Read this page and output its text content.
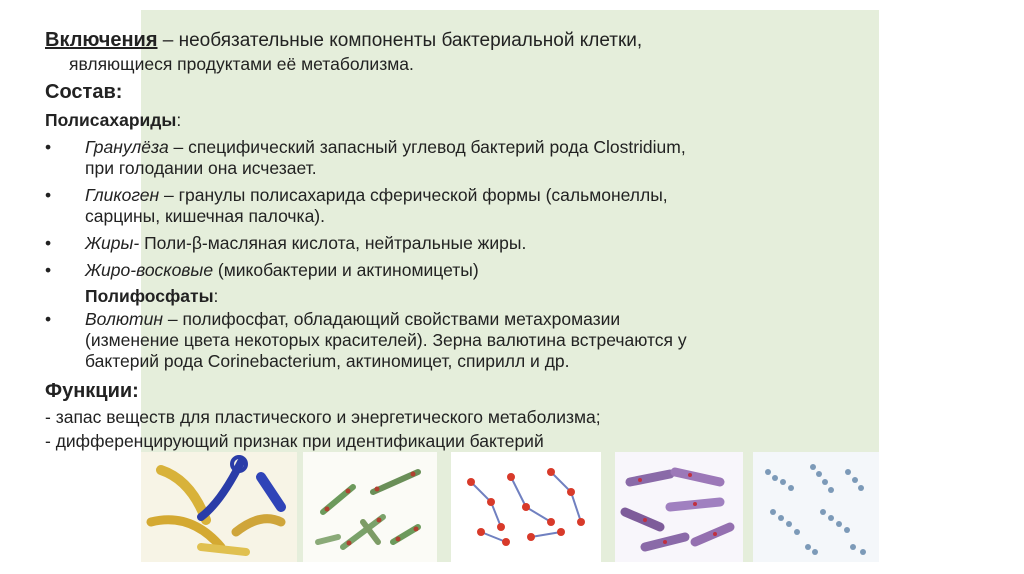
Включения – необязательные компоненты бактериальной клетки,
являющиеся продуктами её метаболизма.
Состав:
Полисахариды:
• Гранулёза – специфический запасный углевод бактерий рода Clostridium,
при голодании она исчезает.
• Гликоген – гранулы полисахарида сферической формы (сальмонеллы,
сарцины, кишечная палочка).
• Жиры- Поли-β-масляная кислота, нейтральные жиры.
• Жиро-восковые (микобактерии и актиномицеты)
Полифосфаты:
• Волютин – полифосфат, обладающий свойствами метахромазии
(изменение цвета некоторых красителей). Зерна валютина встречаются у
бактерий рода Corinebacterium, актиномицет, спирилл и др.
Функции:
- запас веществ для пластического и энергетического метаболизма;
- дифференцирующий признак при идентификации бактерий
